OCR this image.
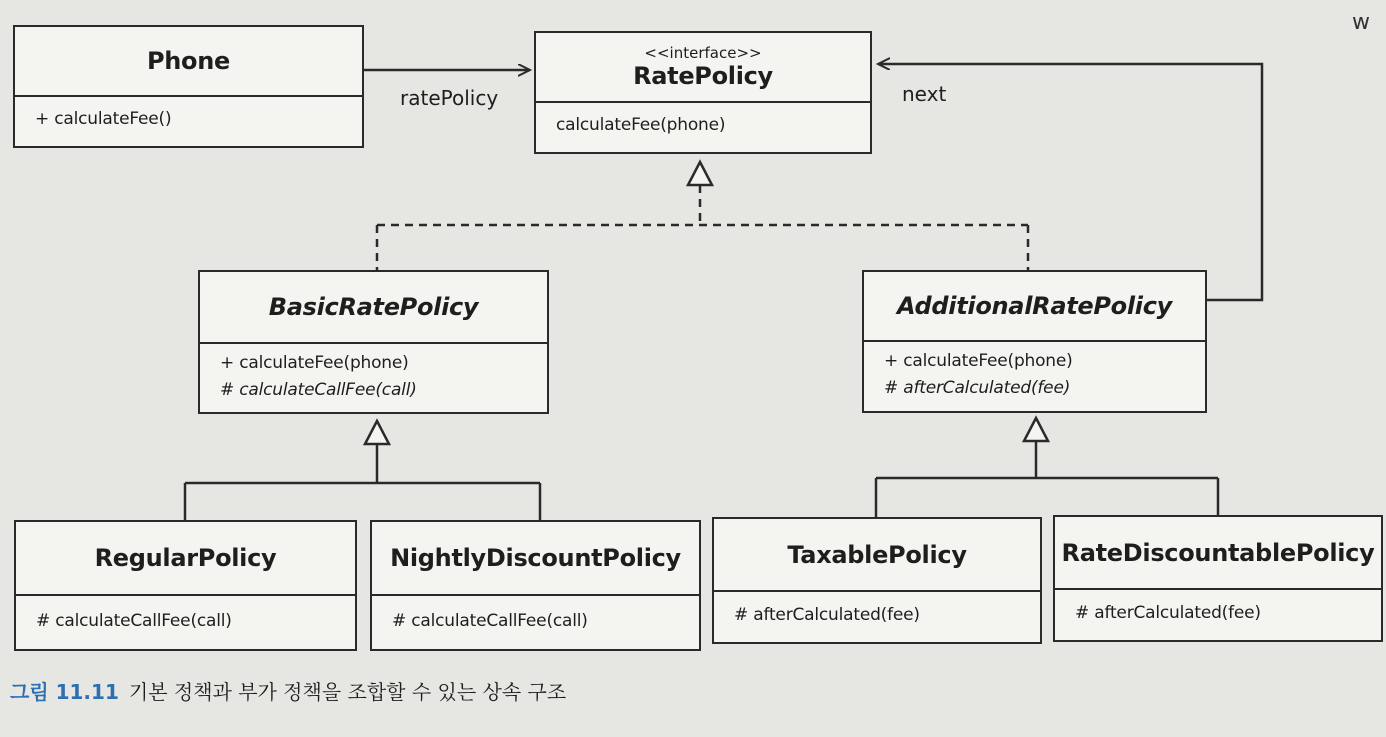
Phone
+ calculateFee()
<<interface>>
RatePolicy
calculateFee(phone)
BasicRatePolicy
+ calculateFee(phone)
# calculateCallFee(call)
AdditionalRatePolicy
+ calculateFee(phone)
# afterCalculated(fee)
RegularPolicy
# calculateCallFee(call)
NightlyDiscountPolicy
# calculateCallFee(call)
TaxablePolicy
# afterCalculated(fee)
RateDiscountablePolicy
# afterCalculated(fee)
ratePolicy	next
그림 11.11 기본 정책과 부가 정책을 조합할 수 있는 상속 구조
w
